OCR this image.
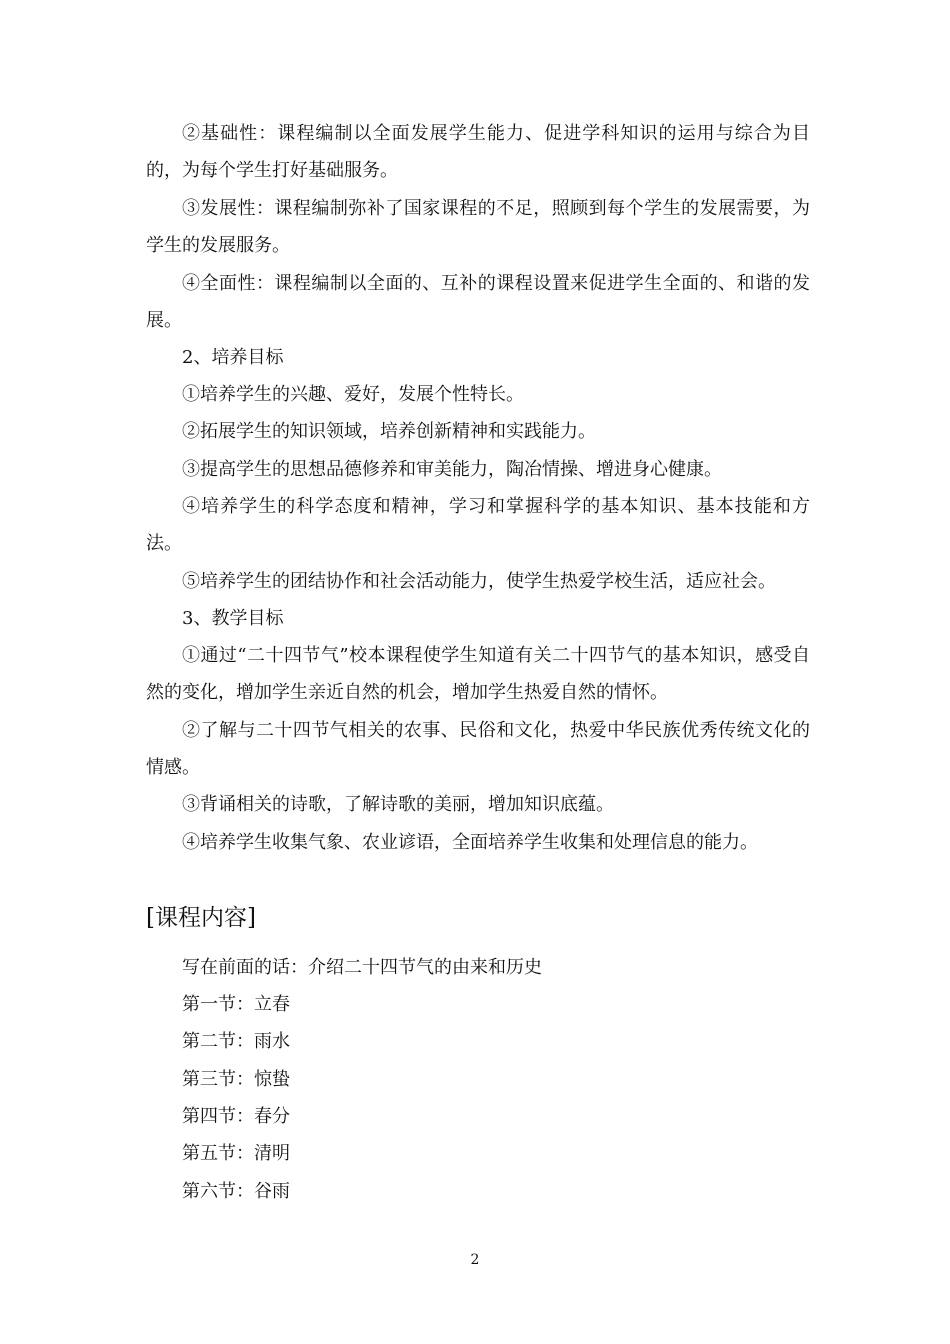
②基础性：课程编制以全面发展学生能力、促进学科知识的运用与综合为目的，为每个学生打好基础服务。

③发展性：课程编制弥补了国家课程的不足，照顾到每个学生的发展需要，为学生的发展服务。

④全面性：课程编制以全面的、互补的课程设置来促进学生全面的、和谐的发展。

2、培养目标

①培养学生的兴趣、爱好，发展个性特长。

②拓展学生的知识领域，培养创新精神和实践能力。

③提高学生的思想品德修养和审美能力，陶冶情操、增进身心健康。

④培养学生的科学态度和精神，学习和掌握科学的基本知识、基本技能和方法。

⑤培养学生的团结协作和社会活动能力，使学生热爱学校生活，适应社会。

3、教学目标

①通过“二十四节气”校本课程使学生知道有关二十四节气的基本知识，感受自然的变化，增加学生亲近自然的机会，增加学生热爱自然的情怀。

②了解与二十四节气相关的农事、民俗和文化，热爱中华民族优秀传统文化的情感。

③背诵相关的诗歌，了解诗歌的美丽，增加知识底蕴。

④培养学生收集气象、农业谚语，全面培养学生收集和处理信息的能力。

[课程内容]

写在前面的话：介绍二十四节气的由来和历史

第一节：立春

第二节：雨水

第三节：惊蛰

第四节：春分

第五节：清明

第六节：谷雨

2
